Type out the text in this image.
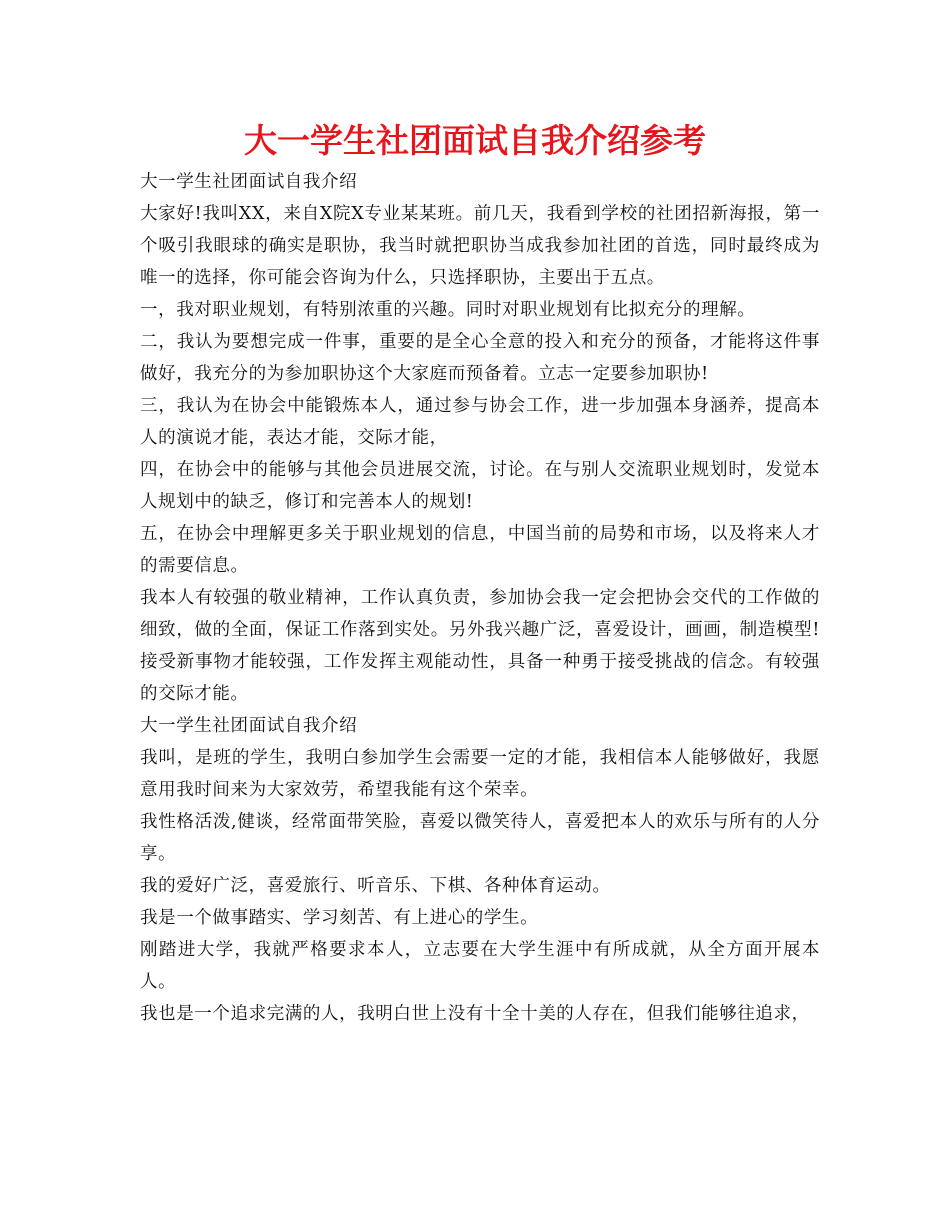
大一学生社团面试自我介绍参考

大一学生社团面试自我介绍

大家好!我叫XX，来自X院X专业某某班。前几天，我看到学校的社团招新海报，第一个吸引我眼球的确实是职协，我当时就把职协当成我参加社团的首选，同时最终成为唯一的选择，你可能会咨询为什么，只选择职协，主要出于五点。

一，我对职业规划，有特别浓重的兴趣。同时对职业规划有比拟充分的理解。

二，我认为要想完成一件事，重要的是全心全意的投入和充分的预备，才能将这件事做好，我充分的为参加职协这个大家庭而预备着。立志一定要参加职协!

三，我认为在协会中能锻炼本人，通过参与协会工作，进一步加强本身涵养，提高本人的演说才能，表达才能，交际才能，

四，在协会中的能够与其他会员进展交流，讨论。在与别人交流职业规划时，发觉本人规划中的缺乏，修订和完善本人的规划!

五，在协会中理解更多关于职业规划的信息，中国当前的局势和市场，以及将来人才的需要信息。

我本人有较强的敬业精神，工作认真负责，参加协会我一定会把协会交代的工作做的细致，做的全面，保证工作落到实处。另外我兴趣广泛，喜爱设计，画画，制造模型!接受新事物才能较强，工作发挥主观能动性，具备一种勇于接受挑战的信念。有较强的交际才能。

大一学生社团面试自我介绍

我叫，是班的学生，我明白参加学生会需要一定的才能，我相信本人能够做好，我愿意用我时间来为大家效劳，希望我能有这个荣幸。

我性格活泼,健谈，经常面带笑脸，喜爱以微笑待人，喜爱把本人的欢乐与所有的人分享。

我的爱好广泛，喜爱旅行、听音乐、下棋、各种体育运动。

我是一个做事踏实、学习刻苦、有上进心的学生。

刚踏进大学，我就严格要求本人，立志要在大学生涯中有所成就，从全方面开展本人。

我也是一个追求完满的人，我明白世上没有十全十美的人存在，但我们能够往追求，
